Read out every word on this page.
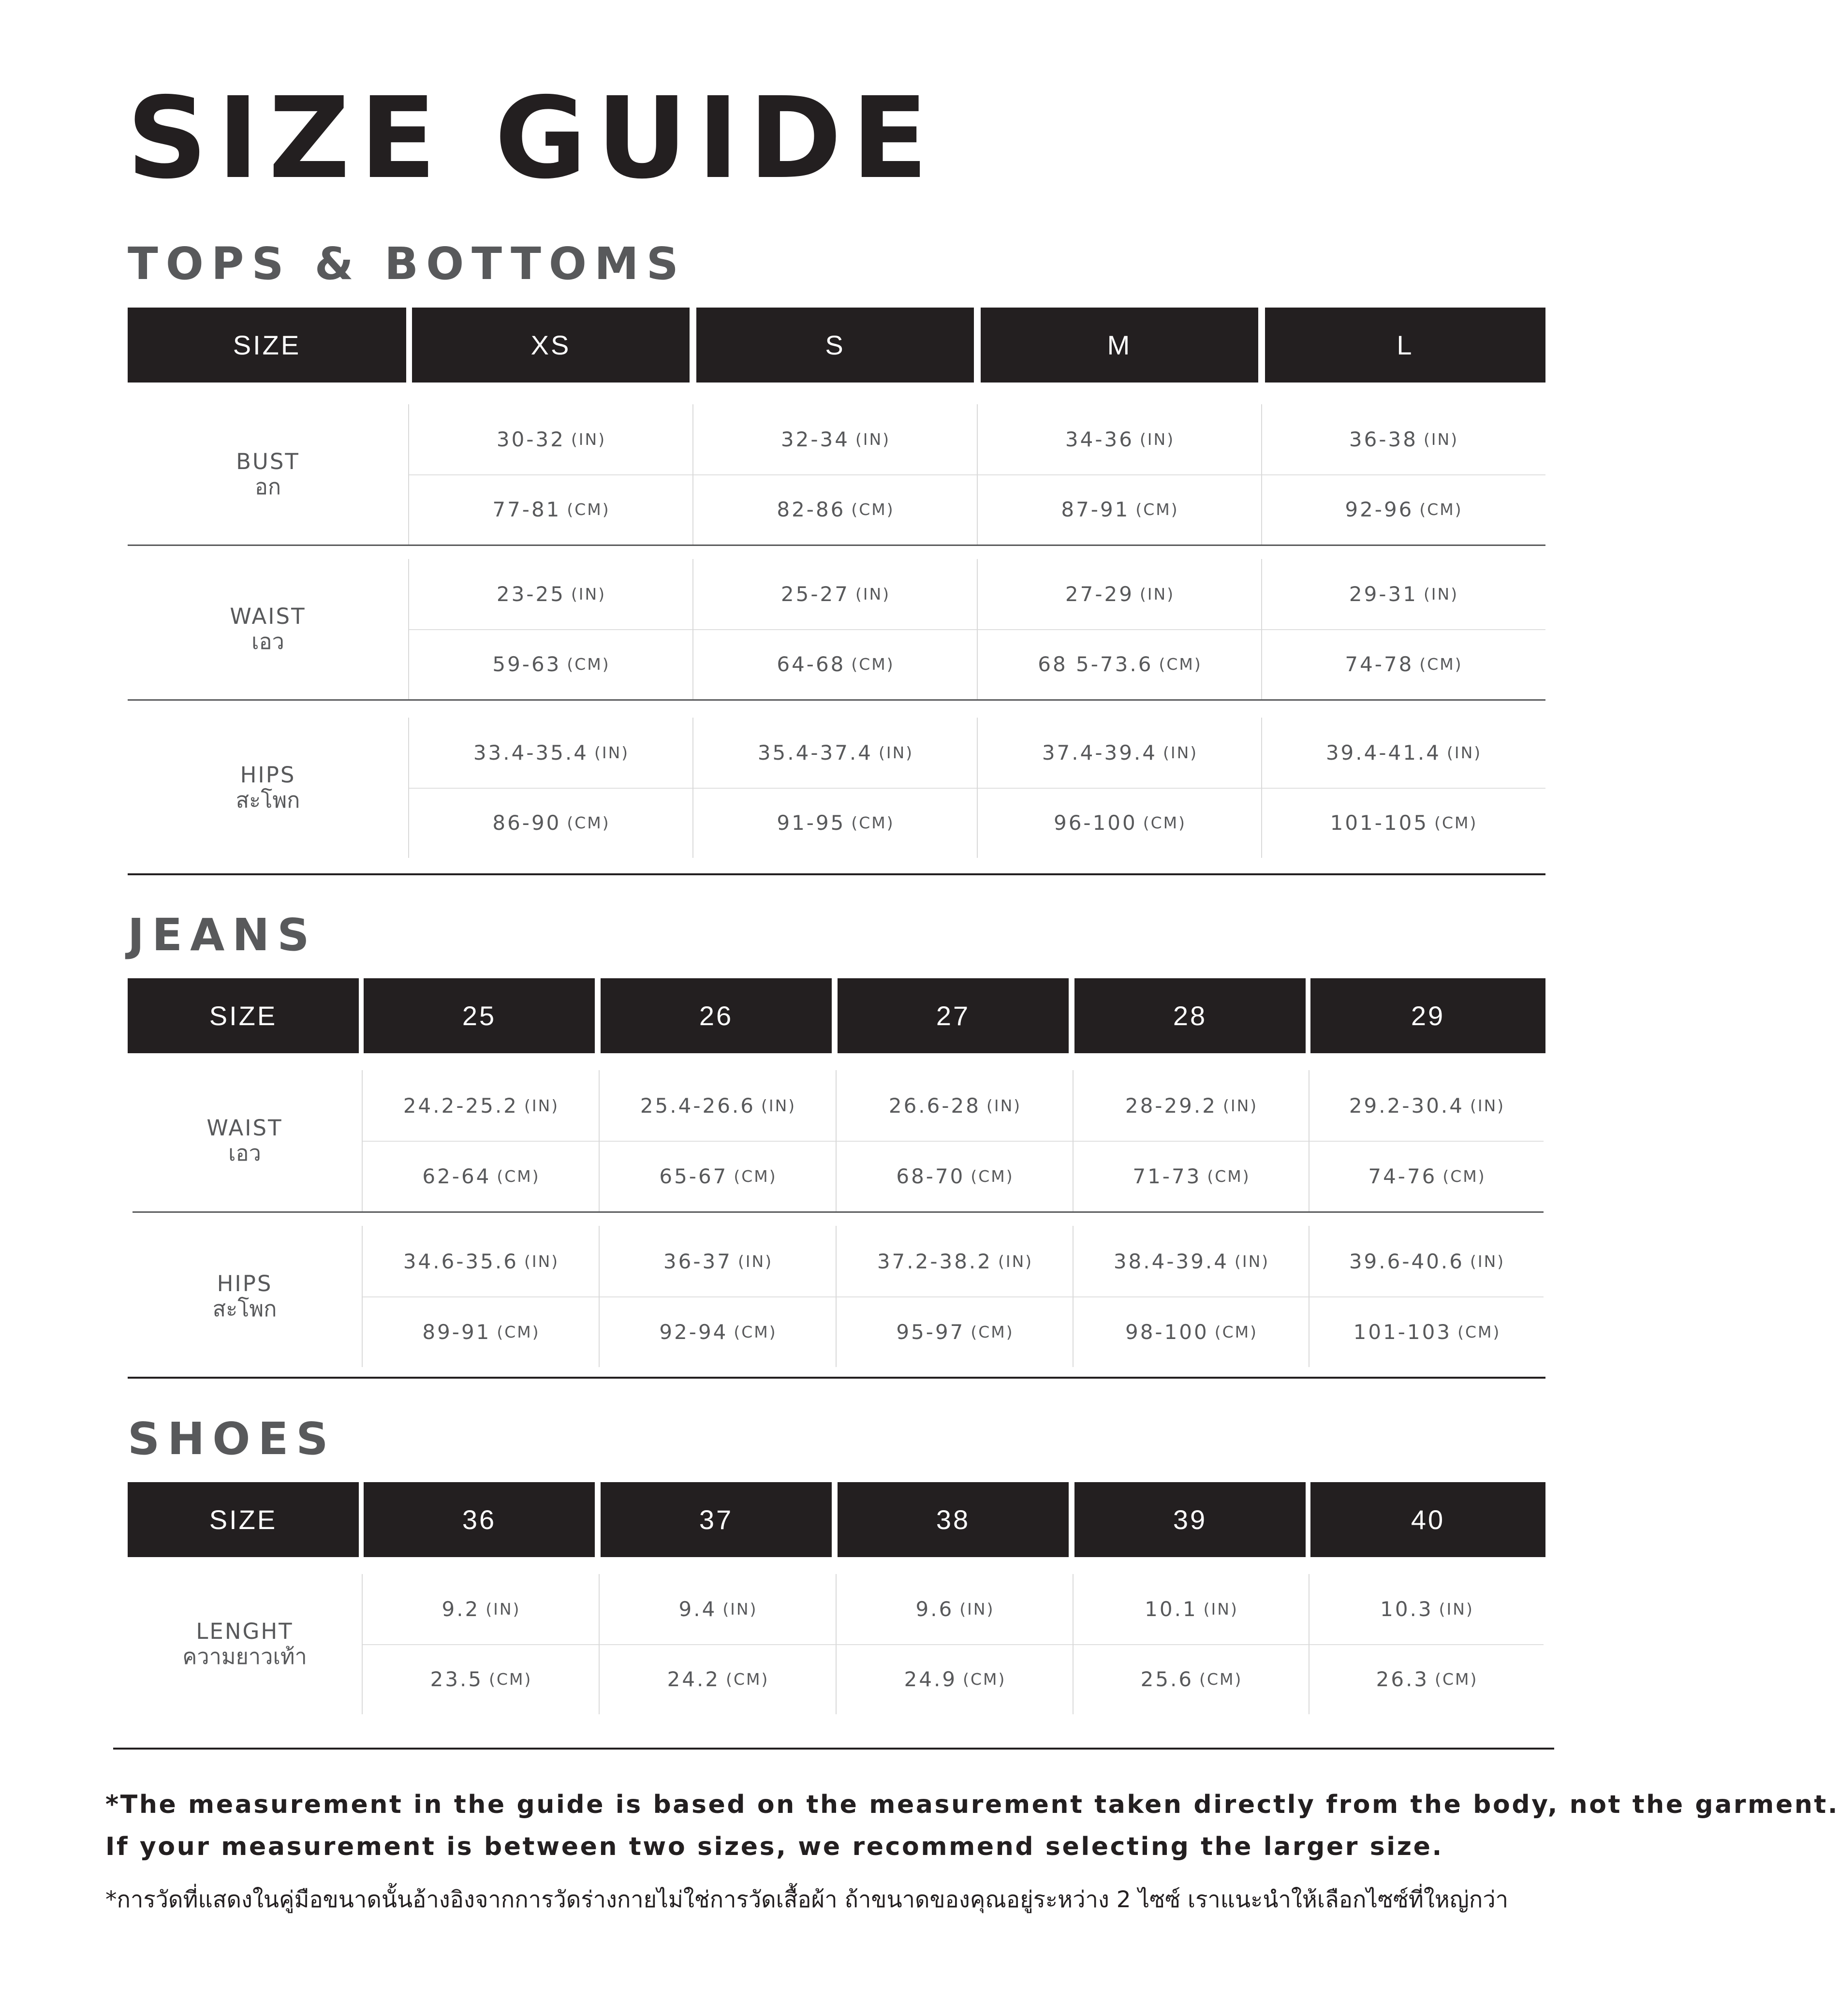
SIZE GUIDE
TOPS & BOTTOMS
SIZE	XS	S	M	L
BUST
อก
30-32 (IN)	32-34 (IN)	34-36 (IN)	36-38 (IN)
77-81 (CM)	82-86 (CM)	87-91 (CM)	92-96 (CM)
WAIST
เอว
23-25 (IN)	25-27 (IN)	27-29 (IN)	29-31 (IN)
59-63 (CM)	64-68 (CM)	68 5-73.6 (CM)	74-78 (CM)
HIPS
สะโพก
33.4-35.4 (IN)	35.4-37.4 (IN)	37.4-39.4 (IN)	39.4-41.4 (IN)
86-90 (CM)	91-95 (CM)	96-100 (CM)	101-105 (CM)
JEANS
SIZE	25	26	27	28	29
WAIST
เอว
24.2-25.2 (IN)	25.4-26.6 (IN)	26.6-28 (IN)	28-29.2 (IN)	29.2-30.4 (IN)
62-64 (CM)	65-67 (CM)	68-70 (CM)	71-73 (CM)	74-76 (CM)
HIPS
สะโพก
34.6-35.6 (IN)	36-37 (IN)	37.2-38.2 (IN)	38.4-39.4 (IN)	39.6-40.6 (IN)
89-91 (CM)	92-94 (CM)	95-97 (CM)	98-100 (CM)	101-103 (CM)
SHOES
SIZE	36	37	38	39	40
LENGHT
ความยาวเท้า
9.2 (IN)	9.4 (IN)	9.6 (IN)	10.1 (IN)	10.3 (IN)
23.5 (CM)	24.2 (CM)	24.9 (CM)	25.6 (CM)	26.3 (CM)

*The measurement in the guide is based on the measurement taken directly from the body, not the garment.

If your measurement is between two sizes, we recommend selecting the larger size.

*การวัดที่แสดงในคู่มือขนาดนั้นอ้างอิงจากการวัดร่างกายไม่ใช่การวัดเสื้อผ้า ถ้าขนาดของคุณอยู่ระหว่าง 2 ไซซ์ เราแนะนำให้เลือกไซซ์ที่ใหญ่กว่า
